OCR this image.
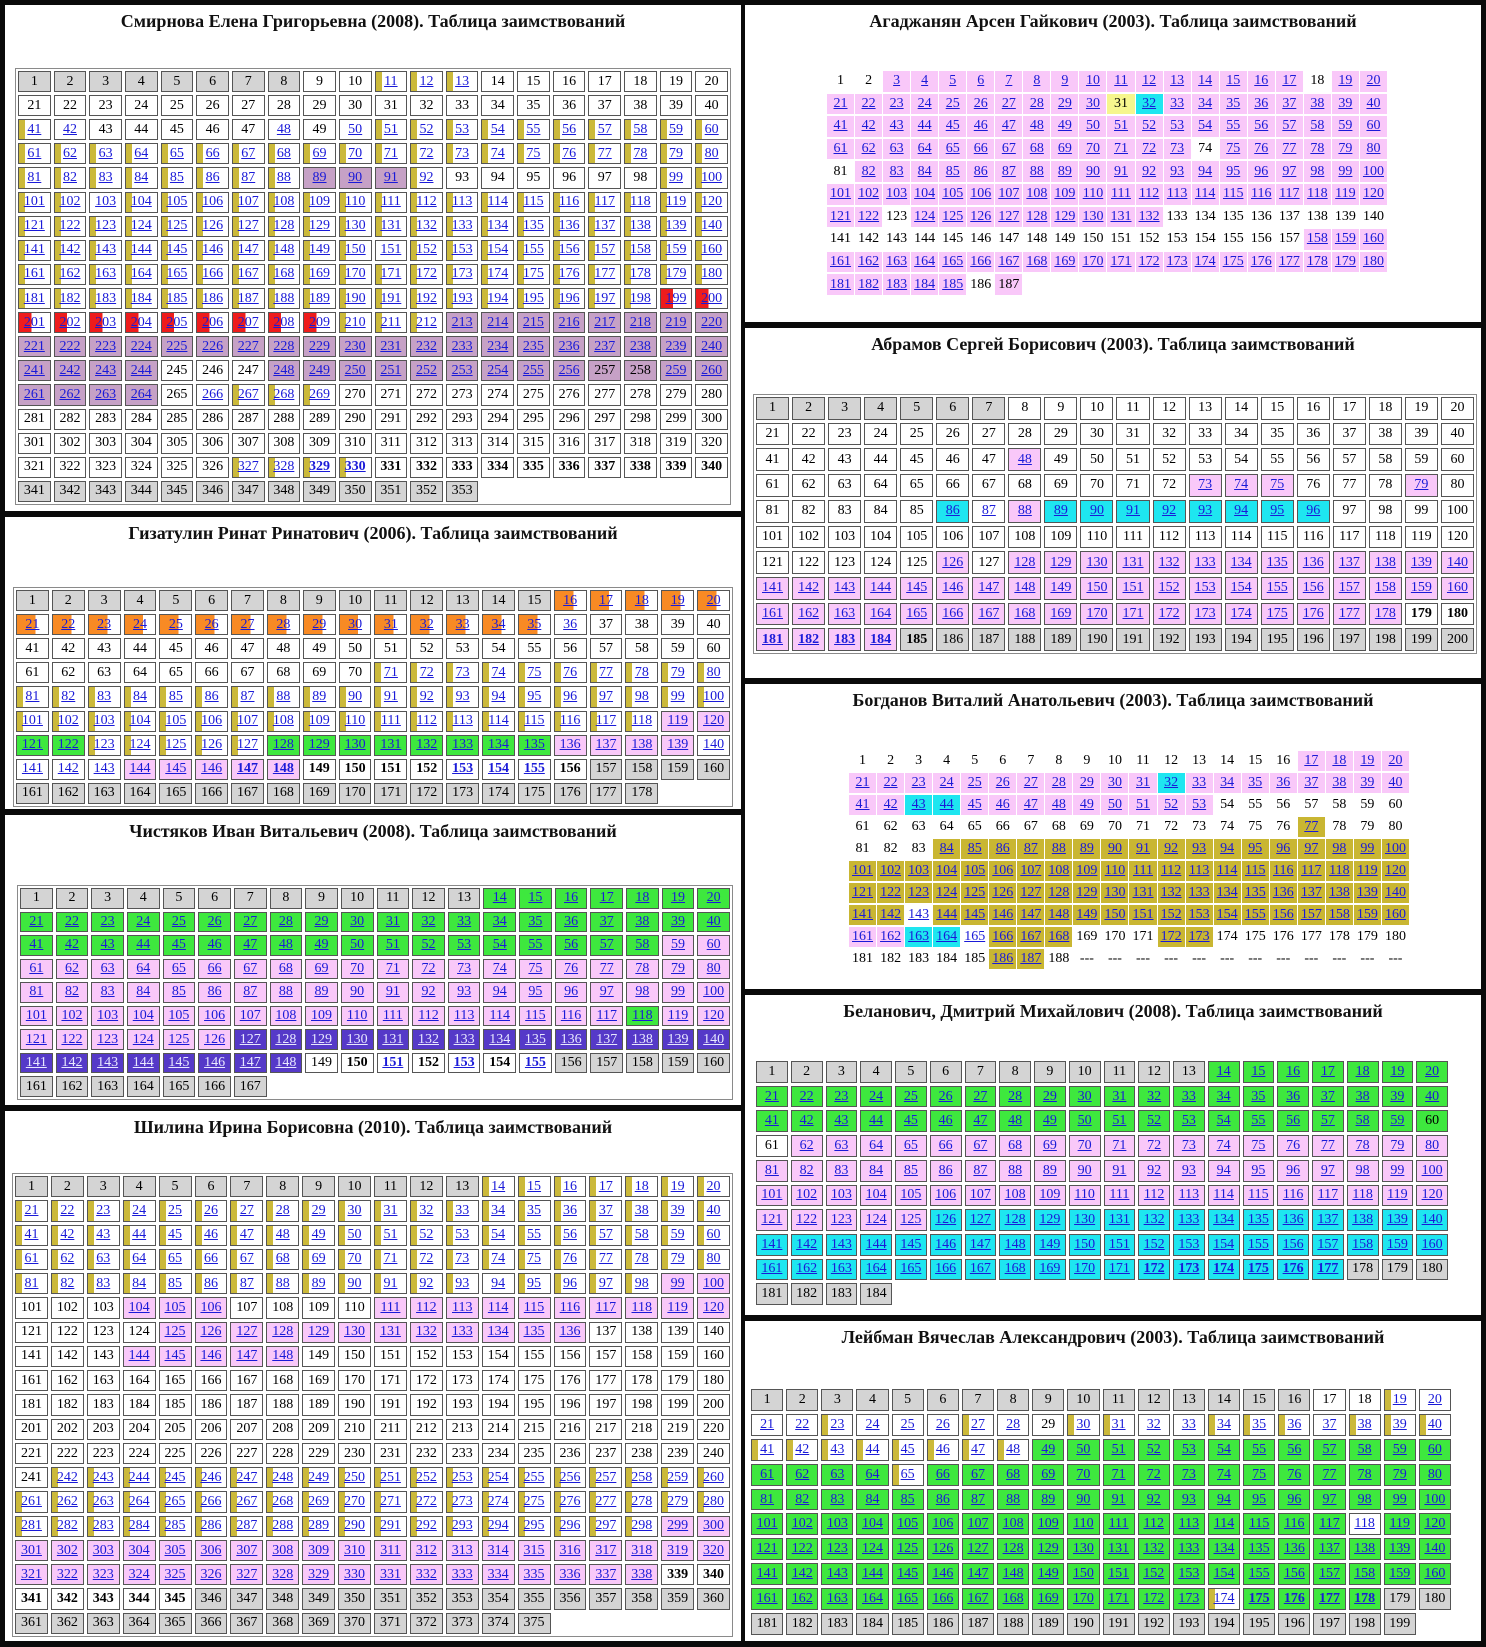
Смирнова Елена Григорьевна (2008). Таблица заимствований
1	2	3	4	5	6	7	8	9	10	11	12	13	14	15	16	17	18	19	20
21	22	23	24	25	26	27	28	29	30	31	32	33	34	35	36	37	38	39	40
41	42	43	44	45	46	47	48	49	50	51	52	53	54	55	56	57	58	59	60
61	62	63	64	65	66	67	68	69	70	71	72	73	74	75	76	77	78	79	80
81	82	83	84	85	86	87	88	89	90	91	92	93	94	95	96	97	98	99	100
101	102	103	104	105	106	107	108	109	110	111	112	113	114	115	116	117	118	119	120
121	122	123	124	125	126	127	128	129	130	131	132	133	134	135	136	137	138	139	140
141	142	143	144	145	146	147	148	149	150	151	152	153	154	155	156	157	158	159	160
161	162	163	164	165	166	167	168	169	170	171	172	173	174	175	176	177	178	179	180
181	182	183	184	185	186	187	188	189	190	191	192	193	194	195	196	197	198	199	200
201	202	203	204	205	206	207	208	209	210	211	212	213	214	215	216	217	218	219	220
221	222	223	224	225	226	227	228	229	230	231	232	233	234	235	236	237	238	239	240
241	242	243	244	245	246	247	248	249	250	251	252	253	254	255	256	257	258	259	260
261	262	263	264	265	266	267	268	269	270	271	272	273	274	275	276	277	278	279	280
281	282	283	284	285	286	287	288	289	290	291	292	293	294	295	296	297	298	299	300
301	302	303	304	305	306	307	308	309	310	311	312	313	314	315	316	317	318	319	320
321	322	323	324	325	326	327	328	329	330	331	332	333	334	335	336	337	338	339	340
341	342	343	344	345	346	347	348	349	350	351	352	353
Гизатулин Ринат Ринатович (2006). Таблица заимствований
1	2	3	4	5	6	7	8	9	10	11	12	13	14	15	16	17	18	19	20
21	22	23	24	25	26	27	28	29	30	31	32	33	34	35	36	37	38	39	40
41	42	43	44	45	46	47	48	49	50	51	52	53	54	55	56	57	58	59	60
61	62	63	64	65	66	67	68	69	70	71	72	73	74	75	76	77	78	79	80
81	82	83	84	85	86	87	88	89	90	91	92	93	94	95	96	97	98	99	100
101	102	103	104	105	106	107	108	109	110	111	112	113	114	115	116	117	118	119	120
121	122	123	124	125	126	127	128	129	130	131	132	133	134	135	136	137	138	139	140
141	142	143	144	145	146	147	148	149	150	151	152	153	154	155	156	157	158	159	160
161	162	163	164	165	166	167	168	169	170	171	172	173	174	175	176	177	178
Чистяков Иван Витальевич (2008). Таблица заимствований
1	2	3	4	5	6	7	8	9	10	11	12	13	14	15	16	17	18	19	20
21	22	23	24	25	26	27	28	29	30	31	32	33	34	35	36	37	38	39	40
41	42	43	44	45	46	47	48	49	50	51	52	53	54	55	56	57	58	59	60
61	62	63	64	65	66	67	68	69	70	71	72	73	74	75	76	77	78	79	80
81	82	83	84	85	86	87	88	89	90	91	92	93	94	95	96	97	98	99	100
101	102	103	104	105	106	107	108	109	110	111	112	113	114	115	116	117	118	119	120
121	122	123	124	125	126	127	128	129	130	131	132	133	134	135	136	137	138	139	140
141	142	143	144	145	146	147	148	149	150	151	152	153	154	155	156	157	158	159	160
161	162	163	164	165	166	167
Шилина Ирина Борисовна (2010). Таблица заимствований
1	2	3	4	5	6	7	8	9	10	11	12	13	14	15	16	17	18	19	20
21	22	23	24	25	26	27	28	29	30	31	32	33	34	35	36	37	38	39	40
41	42	43	44	45	46	47	48	49	50	51	52	53	54	55	56	57	58	59	60
61	62	63	64	65	66	67	68	69	70	71	72	73	74	75	76	77	78	79	80
81	82	83	84	85	86	87	88	89	90	91	92	93	94	95	96	97	98	99	100
101	102	103	104	105	106	107	108	109	110	111	112	113	114	115	116	117	118	119	120
121	122	123	124	125	126	127	128	129	130	131	132	133	134	135	136	137	138	139	140
141	142	143	144	145	146	147	148	149	150	151	152	153	154	155	156	157	158	159	160
161	162	163	164	165	166	167	168	169	170	171	172	173	174	175	176	177	178	179	180
181	182	183	184	185	186	187	188	189	190	191	192	193	194	195	196	197	198	199	200
201	202	203	204	205	206	207	208	209	210	211	212	213	214	215	216	217	218	219	220
221	222	223	224	225	226	227	228	229	230	231	232	233	234	235	236	237	238	239	240
241	242	243	244	245	246	247	248	249	250	251	252	253	254	255	256	257	258	259	260
261	262	263	264	265	266	267	268	269	270	271	272	273	274	275	276	277	278	279	280
281	282	283	284	285	286	287	288	289	290	291	292	293	294	295	296	297	298	299	300
301	302	303	304	305	306	307	308	309	310	311	312	313	314	315	316	317	318	319	320
321	322	323	324	325	326	327	328	329	330	331	332	333	334	335	336	337	338	339	340
341	342	343	344	345	346	347	348	349	350	351	352	353	354	355	356	357	358	359	360
361	362	363	364	365	366	367	368	369	370	371	372	373	374	375
Агаджанян Арсен Гайкович (2003). Таблица заимствований
1	2	3	4	5	6	7	8	9	10	11	12	13	14	15	16	17	18	19	20
21	22	23	24	25	26	27	28	29	30	31	32	33	34	35	36	37	38	39	40
41	42	43	44	45	46	47	48	49	50	51	52	53	54	55	56	57	58	59	60
61	62	63	64	65	66	67	68	69	70	71	72	73	74	75	76	77	78	79	80
81	82	83	84	85	86	87	88	89	90	91	92	93	94	95	96	97	98	99 100
101 102 103 104 105 106 107 108 109 110 111 112 113 114 115 116 117 118 119 120
121 122 123 124 125 126 127 128 129 130 131 132 133 134 135 136 137 138 139 140
141 142 143 144 145 146 147 148 149 150 151 152 153 154 155 156 157 158 159 160
161 162 163 164 165 166 167 168 169 170 171 172 173 174 175 176 177 178 179 180
181 182 183 184 185 186 187
Абрамов Сергей Борисович (2003). Таблица заимствований
1	2	3	4	5	6	7	8	9	10	11	12	13	14	15	16	17	18	19	20
21	22	23	24	25	26	27	28	29	30	31	32	33	34	35	36	37	38	39	40
41	42	43	44	45	46	47	48	49	50	51	52	53	54	55	56	57	58	59	60
61	62	63	64	65	66	67	68	69	70	71	72	73	74	75	76	77	78	79	80
81	82	83	84	85	86	87	88	89	90	91	92	93	94	95	96	97	98	99	100
101	102	103	104	105	106	107	108	109	110	111	112	113	114	115	116	117	118	119	120
121	122	123	124	125	126	127	128	129	130	131	132	133	134	135	136	137	138	139	140
141	142	143	144	145	146	147	148	149	150	151	152	153	154	155	156	157	158	159	160
161	162	163	164	165	166	167	168	169	170	171	172	173	174	175	176	177	178	179	180
181	182	183	184	185	186	187	188	189	190	191	192	193	194	195	196	197	198	199	200
Богданов Виталий Анатольевич (2003). Таблица заимствований
1	2	3	4	5	6	7	8	9	10	11	12	13	14	15	16	17	18	19	20
21	22	23	24	25	26	27	28	29	30	31	32	33	34	35	36	37	38	39	40
41	42	43	44	45	46	47	48	49	50	51	52	53	54	55	56	57	58	59	60
61	62	63	64	65	66	67	68	69	70	71	72	73	74	75	76	77	78	79	80
81	82	83	84	85	86	87	88	89	90	91	92	93	94	95	96	97	98	99 100
101 102 103 104 105 106 107 108 109 110 111 112 113 114 115 116 117 118 119 120
121 122 123 124 125 126 127 128 129 130 131 132 133 134 135 136 137 138 139 140
141 142 143 144 145 146 147 148 149 150 151 152 153 154 155 156 157 158 159 160
161 162 163 164 165 166 167 168 169 170 171 172 173 174 175 176 177 178 179 180
181 182 183 184 185 186 187 188 ---	---	---	---	---	---	---	---	---	---	---	---
Беланович, Дмитрий Михайлович (2008). Таблица заимствований
1	2	3	4	5	6	7	8	9	10	11	12	13	14	15	16	17	18	19	20
21	22	23	24	25	26	27	28	29	30	31	32	33	34	35	36	37	38	39	40
41	42	43	44	45	46	47	48	49	50	51	52	53	54	55	56	57	58	59	60
61	62	63	64	65	66	67	68	69	70	71	72	73	74	75	76	77	78	79	80
81	82	83	84	85	86	87	88	89	90	91	92	93	94	95	96	97	98	99	100
101 102 103 104 105 106 107 108 109	110	111	112	113	114	115	116	117	118	119	120
121 122 123 124 125 126 127 128 129 130 131 132 133 134 135 136 137 138 139 140
141 142 143 144 145 146 147 148 149 150 151 152 153 154 155 156 157 158 159 160
161 162 163 164 165 166 167 168 169 170 171 172 173 174 175 176 177 178 179 180
181 182 183 184
Лейбман Вячеслав Александрович (2003). Таблица заимствований
1	2	3	4	5	6	7	8	9	10	11	12	13	14	15	16	17	18	19	20
21	22	23	24	25	26	27	28	29	30	31	32	33	34	35	36	37	38	39	40
41	42	43	44	45	46	47	48	49	50	51	52	53	54	55	56	57	58	59	60
61	62	63	64	65	66	67	68	69	70	71	72	73	74	75	76	77	78	79	80
81	82	83	84	85	86	87	88	89	90	91	92	93	94	95	96	97	98	99	100
101	102	103	104	105	106	107	108	109	110	111	112	113	114	115	116	117	118	119	120
121	122	123	124	125	126	127	128	129	130	131	132	133	134	135	136	137	138	139	140
141	142	143	144	145	146	147	148	149	150	151	152	153	154	155	156	157	158	159	160
161	162	163	164	165	166	167	168	169	170	171	172	173	174	175	176	177	178	179	180
181	182	183	184	185	186	187	188	189	190	191	192	193	194	195	196	197	198	199
